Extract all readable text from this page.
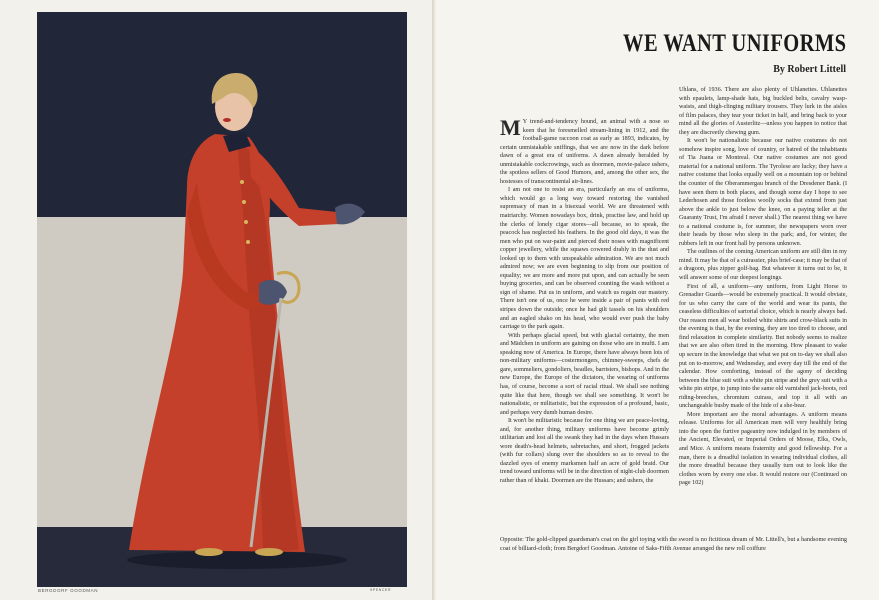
BERGDORF GOODMAN	SPENCER
WE WANT UNIFORMS
By Robert Littell

M Y trend-and-tendency hound, an animal with a nose so keen that he foresmelled stream-lining in 1912, and the football-game raccoon coat as early as 1893, indicates, by certain unmistakable sniffings, that we are now in the dark before dawn of a great era of uniforms. A dawn already heralded by unmistakable cockcrowings, such as doormen, movie-palace ushers, the spotless sellers of Good Humors, and, among the other sex, the hostesses of transcontinental air-lines.

I am not one to resist an era, particularly an era of uniforms, which would go a long way toward restoring the vanished supremacy of man in a bisexual world. We are threatened with matriarchy. Women nowadays box, drink, practise law, and hold up the clerks of lonely cigar stores—all because, so to speak, the peacock has neglected his feathers. In the good old days, it was the men who put on war-paint and pierced their noses with magnificent copper jewellery, while the squaws cowered drably in the dust and looked up to them with unspeakable admiration. We are not much admired now; we are even beginning to slip from our position of equality; we are more and more put upon, and can actually be seen buying groceries, and can be observed counting the wash without a sign of shame. Put us in uniform, and watch us regain our mastery. There isn't one of us, once he were inside a pair of pants with red stripes down the outside; once he had gilt tassels on his shoulders and an eagled shako on his head, who would ever push the baby carriage to the park again.

With perhaps glacial speed, but with glacial certainty, the men and Mädchen in uniform are gaining on those who are in mufti. I am speaking now of America. In Europe, there have always been lots of non-military uniforms—costermongers, chimney-sweeps, chefs de gare, sommeliers, gondoliers, beadles, barristers, bishops. And in the new Europe, the Europe of the dictators, the wearing of uniforms has, of course, become a sort of racial ritual. We shall see nothing quite like that here, though we shall see something. It won't be nationalistic, or militaristic, but the expression of a profound, basic, and perhaps very dumb human desire.

It won't be militaristic because for one thing we are peace-loving, and, for another thing, military uniforms have become grimly utilitarian and lost all the swank they had in the days when Hussars wore death's-head helmets, sabretaches, and short, frogged jackets (with fur collars) slung over the shoulders so as to reveal to the dazzled eyes of enemy marksmen half an acre of gold braid. Our trend toward uniforms will be in the direction of night-club doormen rather than of khaki. Doormen are the Hussars; and ushers, the

Uhlans, of 1936. There are also plenty of Uhlanettes. Uhlanettes with epaulets, lamp-shade hats, big buckled belts, cavalry wasp-waists, and thigh-clinging military trousers. They lurk in the aisles of film palaces, they tear your ticket in half, and bring back to your mind all the glories of Austerlitz—unless you happen to notice that they are discreetly chewing gum.

It won't be nationalistic because our native costumes do not somehow inspire song, love of country, or hatred of the inhabitants of Tia Juana or Montreal. Our native costumes are not good material for a national uniform. The Tyrolese are lucky; they have a native costume that looks equally well on a mountain top or behind the counter of the Oberammergau branch of the Dresdener Bank. (I have seen them in both places, and though some day I hope to see Lederhosen and those footless woolly socks that extend from just above the ankle to just below the knee, on a paying teller at the Guaranty Trust, I'm afraid I never shall.) The nearest thing we have to a national costume is, for summer, the newspapers worn over their heads by those who sleep in the park; and, for winter, the rubbers left in our front hall by persons unknown.

The outlines of the coming American uniform are still dim in my mind. It may be that of a cuirassier, plus brief-case; it may be that of a dragoon, plus zipper golf-bag. But whatever it turns out to be, it will answer some of our deepest longings.

First of all, a uniform—any uniform, from Light Horse to Grenadier Guards—would be extremely practical. It would obviate, for us who carry the care of the world and wear its pants, the ceaseless difficulties of sartorial choice, which is nearly always bad. Our reason men all wear boiled white shirts and crow-black suits in the evening is that, by the evening, they are too tired to choose, and find relaxation in complete similarity. But nobody seems to realize that we are also often tired in the morning. How pleasant to wake up secure in the knowledge that what we put on to-day we shall also put on to-morrow, and Wednesday, and every day till the end of the calendar. How comforting, instead of the agony of deciding between the blue suit with a white pin stripe and the grey suit with a white pin stripe, to jump into the same old varnished jack-boots, red riding-breeches, chromium cuirass, and top it all with an unchangeable busby made of the hide of a she-bear.

More important are the moral advantages. A uniform means release. Uniforms for all American men will very healthily bring into the open the furtive pageantry now indulged in by members of the Ancient, Elevated, or Imperial Orders of Moose, Elks, Owls, and Mice. A uniform means fraternity and good fellowship. For a man, there is a dreadful isolation in wearing individual clothes, all the more dreadful because they usually turn out to look like the clothes worn by every one else. It would restore our (Continued on page 102)

Opposite: The gold-clipped guardsman's coat on the girl toying with the sword is no fictitious dream of Mr. Littell's, but a handsome evening coat of billiard-cloth; from Bergdorf Goodman. Antoine of Saks-Fifth Avenue arranged the new roll coiffure
